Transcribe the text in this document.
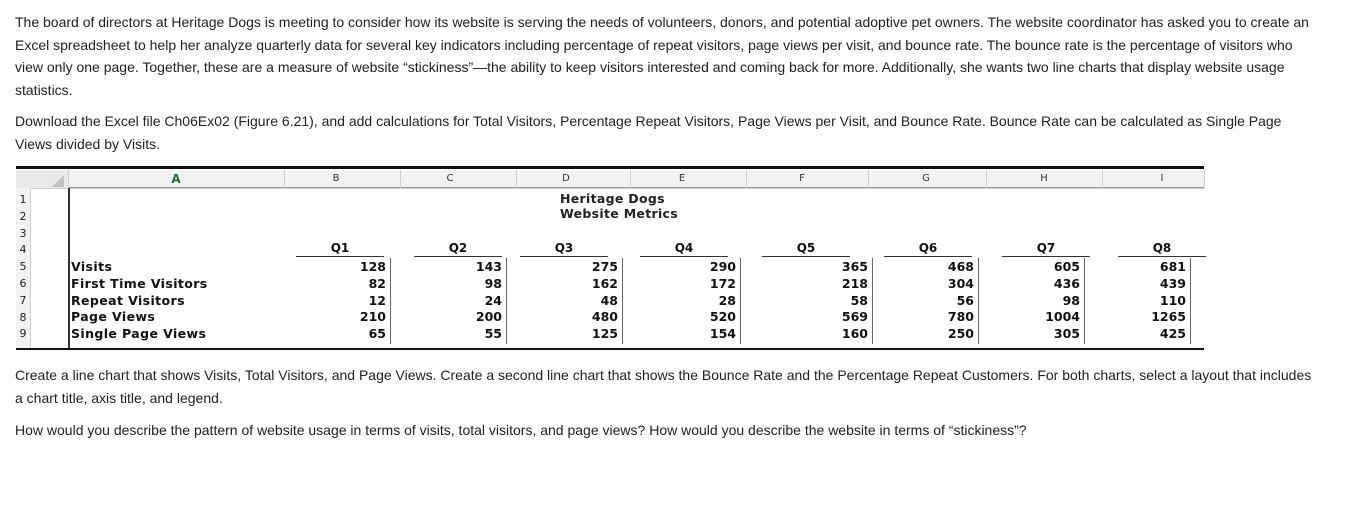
The board of directors at Heritage Dogs is meeting to consider how its website is serving the needs of volunteers, donors, and potential adoptive pet owners. The website coordinator has asked you to create an Excel spreadsheet to help her analyze quarterly data for several key indicators including percentage of repeat visitors, page views per visit, and bounce rate. The bounce rate is the percentage of visitors who view only one page. Together, these are a measure of website “stickiness”—the ability to keep visitors interested and coming back for more. Additionally, she wants two line charts that display website usage statistics.

Download the Excel file Ch06Ex02 (Figure 6.21), and add calculations for Total Visitors, Percentage Repeat Visitors, Page Views per Visit, and Bounce Rate. Bounce Rate can be calculated as Single Page Views divided by Visits.

Heritage Dogs
Website Metrics
A	B	C	D	E	F	G	H	I
1
2
3
4
5
6
7
8
9
Q1	Q2	Q3	Q4	Q5	Q6	Q7	Q8
Visits	128	143	275	290	365	468	605	681
First Time Visitors	82	98	162	172	218	304	436	439
Repeat Visitors	12	24	48	28	58	56	98	110
Page Views	210	200	480	520	569	780	1004	1265
Single Page Views	65	55	125	154	160	250	305	425

Create a line chart that shows Visits, Total Visitors, and Page Views. Create a second line chart that shows the Bounce Rate and the Percentage Repeat Customers. For both charts, select a layout that includes a chart title, axis title, and legend.

How would you describe the pattern of website usage in terms of visits, total visitors, and page views? How would you describe the website in terms of “stickiness”?
